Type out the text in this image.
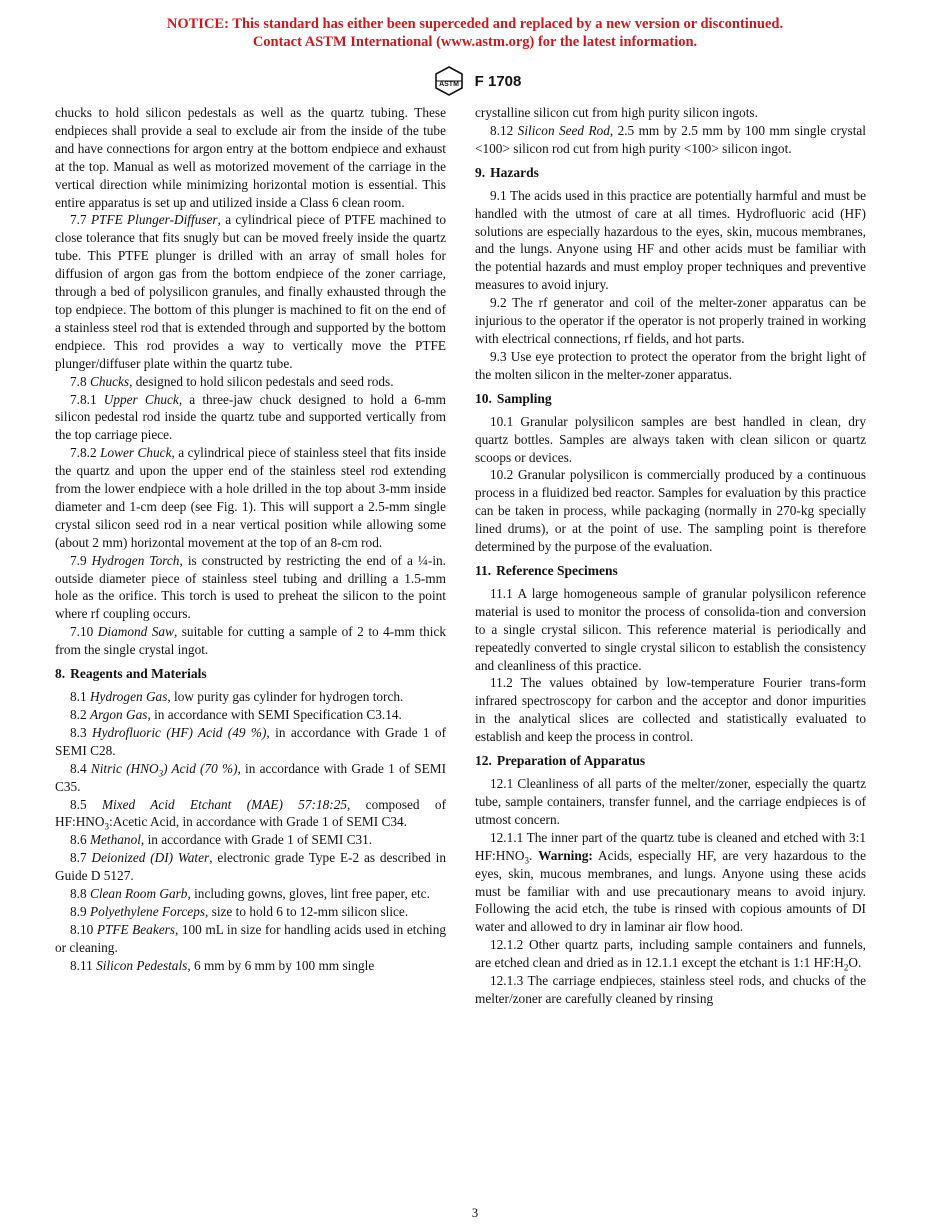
NOTICE: This standard has either been superceded and replaced by a new version or discontinued.
Contact ASTM International (www.astm.org) for the latest information.
ASTM F 1708

chucks to hold silicon pedestals as well as the quartz tubing. These endpieces shall provide a seal to exclude air from the inside of the tube and have connections for argon entry at the bottom endpiece and exhaust at the top. Manual as well as motorized movement of the carriage in the vertical direction while minimizing horizontal motion is essential. This entire apparatus is set up and utilized inside a Class 6 clean room.

7.7 PTFE Plunger-Diffuser, a cylindrical piece of PTFE machined to close tolerance that fits snugly but can be moved freely inside the quartz tube. This PTFE plunger is drilled with an array of small holes for diffusion of argon gas from the bottom endpiece of the zoner carriage, through a bed of polysilicon granules, and finally exhausted through the top endpiece. The bottom of this plunger is machined to fit on the end of a stainless steel rod that is extended through and supported by the bottom endpiece. This rod provides a way to vertically move the PTFE plunger/diffuser plate within the quartz tube.

7.8 Chucks, designed to hold silicon pedestals and seed rods.

7.8.1 Upper Chuck, a three-jaw chuck designed to hold a 6-mm silicon pedestal rod inside the quartz tube and supported vertically from the top carriage piece.

7.8.2 Lower Chuck, a cylindrical piece of stainless steel that fits inside the quartz and upon the upper end of the stainless steel rod extending from the lower endpiece with a hole drilled in the top about 3-mm inside diameter and 1-cm deep (see Fig. 1). This will support a 2.5-mm single crystal silicon seed rod in a near vertical position while allowing some (about 2 mm) horizontal movement at the top of an 8-cm rod.

7.9 Hydrogen Torch, is constructed by restricting the end of a ¼-in. outside diameter piece of stainless steel tubing and drilling a 1.5-mm hole as the orifice. This torch is used to preheat the silicon to the point where rf coupling occurs.

7.10 Diamond Saw, suitable for cutting a sample of 2 to 4-mm thick from the single crystal ingot.

8. Reagents and Materials

8.1 Hydrogen Gas, low purity gas cylinder for hydrogen torch.

8.2 Argon Gas, in accordance with SEMI Specification C3.14.

8.3 Hydrofluoric (HF) Acid (49 %), in accordance with Grade 1 of SEMI C28.

8.4 Nitric $(HNO_3)$ Acid (70 %), in accordance with Grade 1 of SEMI C35.

8.5 Mixed Acid Etchant (MAE) 57:18:25, composed of $HF:HNO_3:Acetic$ Acid, in accordance with Grade 1 of SEMI C34.

8.6 Methanol, in accordance with Grade 1 of SEMI C31.

8.7 Deionized (DI) Water, electronic grade Type E-2 as described in Guide D 5127.

8.8 Clean Room Garb, including gowns, gloves, lint free paper, etc.

8.9 Polyethylene Forceps, size to hold 6 to 12-mm silicon slice.

8.10 PTFE Beakers, 100 mL in size for handling acids used in etching or cleaning.

8.11 Silicon Pedestals, 6 mm by 6 mm by 100 mm single

crystalline silicon cut from high purity silicon ingots.

8.12 Silicon Seed Rod, 2.5 mm by 2.5 mm by 100 mm single crystal <100> silicon rod cut from high purity <100> silicon ingot.

9. Hazards

9.1 The acids used in this practice are potentially harmful and must be handled with the utmost of care at all times. Hydrofluoric acid (HF) solutions are especially hazardous to the eyes, skin, mucous membranes, and the lungs. Anyone using HF and other acids must be familiar with the potential hazards and must employ proper techniques and preventive measures to avoid injury.

9.2 The rf generator and coil of the melter-zoner apparatus can be injurious to the operator if the operator is not properly trained in working with electrical connections, rf fields, and hot parts.

9.3 Use eye protection to protect the operator from the bright light of the molten silicon in the melter-zoner apparatus.

10. Sampling

10.1 Granular polysilicon samples are best handled in clean, dry quartz bottles. Samples are always taken with clean silicon or quartz scoops or devices.

10.2 Granular polysilicon is commercially produced by a continuous process in a fluidized bed reactor. Samples for evaluation by this practice can be taken in process, while packaging (normally in 270-kg specially lined drums), or at the point of use. The sampling point is therefore determined by the purpose of the evaluation.

11. Reference Specimens

11.1 A large homogeneous sample of granular polysilicon reference material is used to monitor the process of consolida-tion and conversion to a single crystal silicon. This reference material is periodically and repeatedly converted to single crystal silicon to establish the consistency and cleanliness of this practice.

11.2 The values obtained by low-temperature Fourier trans-form infrared spectroscopy for carbon and the acceptor and donor impurities in the analytical slices are collected and statistically evaluated to establish and keep the process in control.

12. Preparation of Apparatus

12.1 Cleanliness of all parts of the melter/zoner, especially the quartz tube, sample containers, transfer funnel, and the carriage endpieces is of utmost concern.

12.1.1 The inner part of the quartz tube is cleaned and etched with 3:1 $HF:HNO_3$. Warning: Acids, especially HF, are very hazardous to the eyes, skin, mucous membranes, and lungs. Anyone using these acids must be familiar with and use precautionary means to avoid injury. Following the acid etch, the tube is rinsed with copious amounts of DI water and allowed to dry in laminar air flow hood.

12.1.2 Other quartz parts, including sample containers and funnels, are etched clean and dried as in 12.1.1 except the etchant is 1:1 $HF:H_2O$.

12.1.3 The carriage endpieces, stainless steel rods, and chucks of the melter/zoner are carefully cleaned by rinsing

3
